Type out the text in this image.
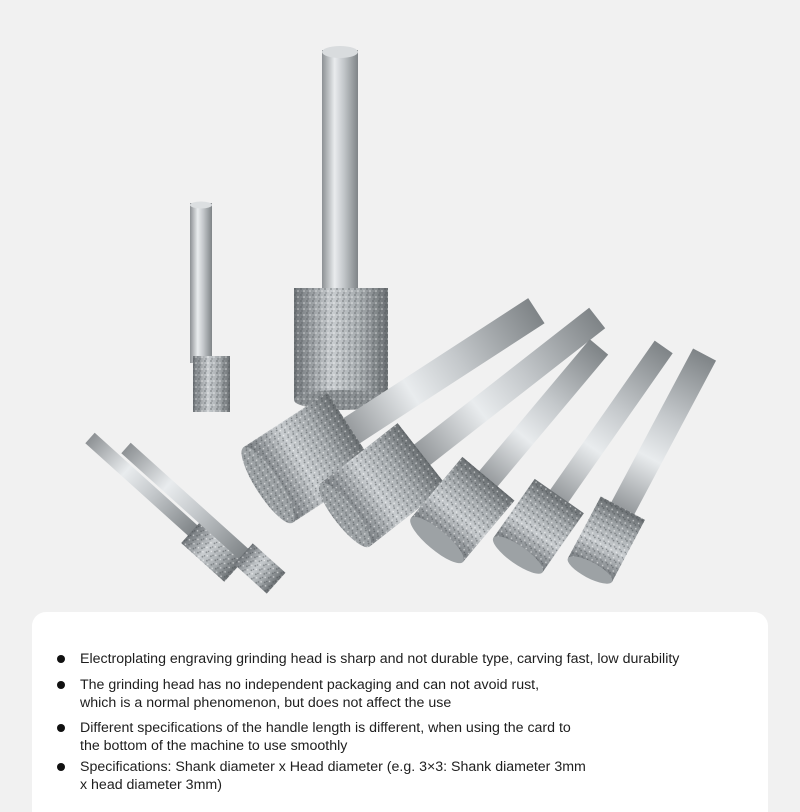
Electroplating engraving grinding head is sharp and not durable type, carving fast, low durability
The grinding head has no independent packaging and can not avoid rust,
which is a normal phenomenon, but does not affect the use
Different specifications of the handle length is different, when using the card to
the bottom of the machine to use smoothly
Specifications: Shank diameter x Head diameter (e.g. 3×3: Shank diameter 3mm
x head diameter 3mm)
